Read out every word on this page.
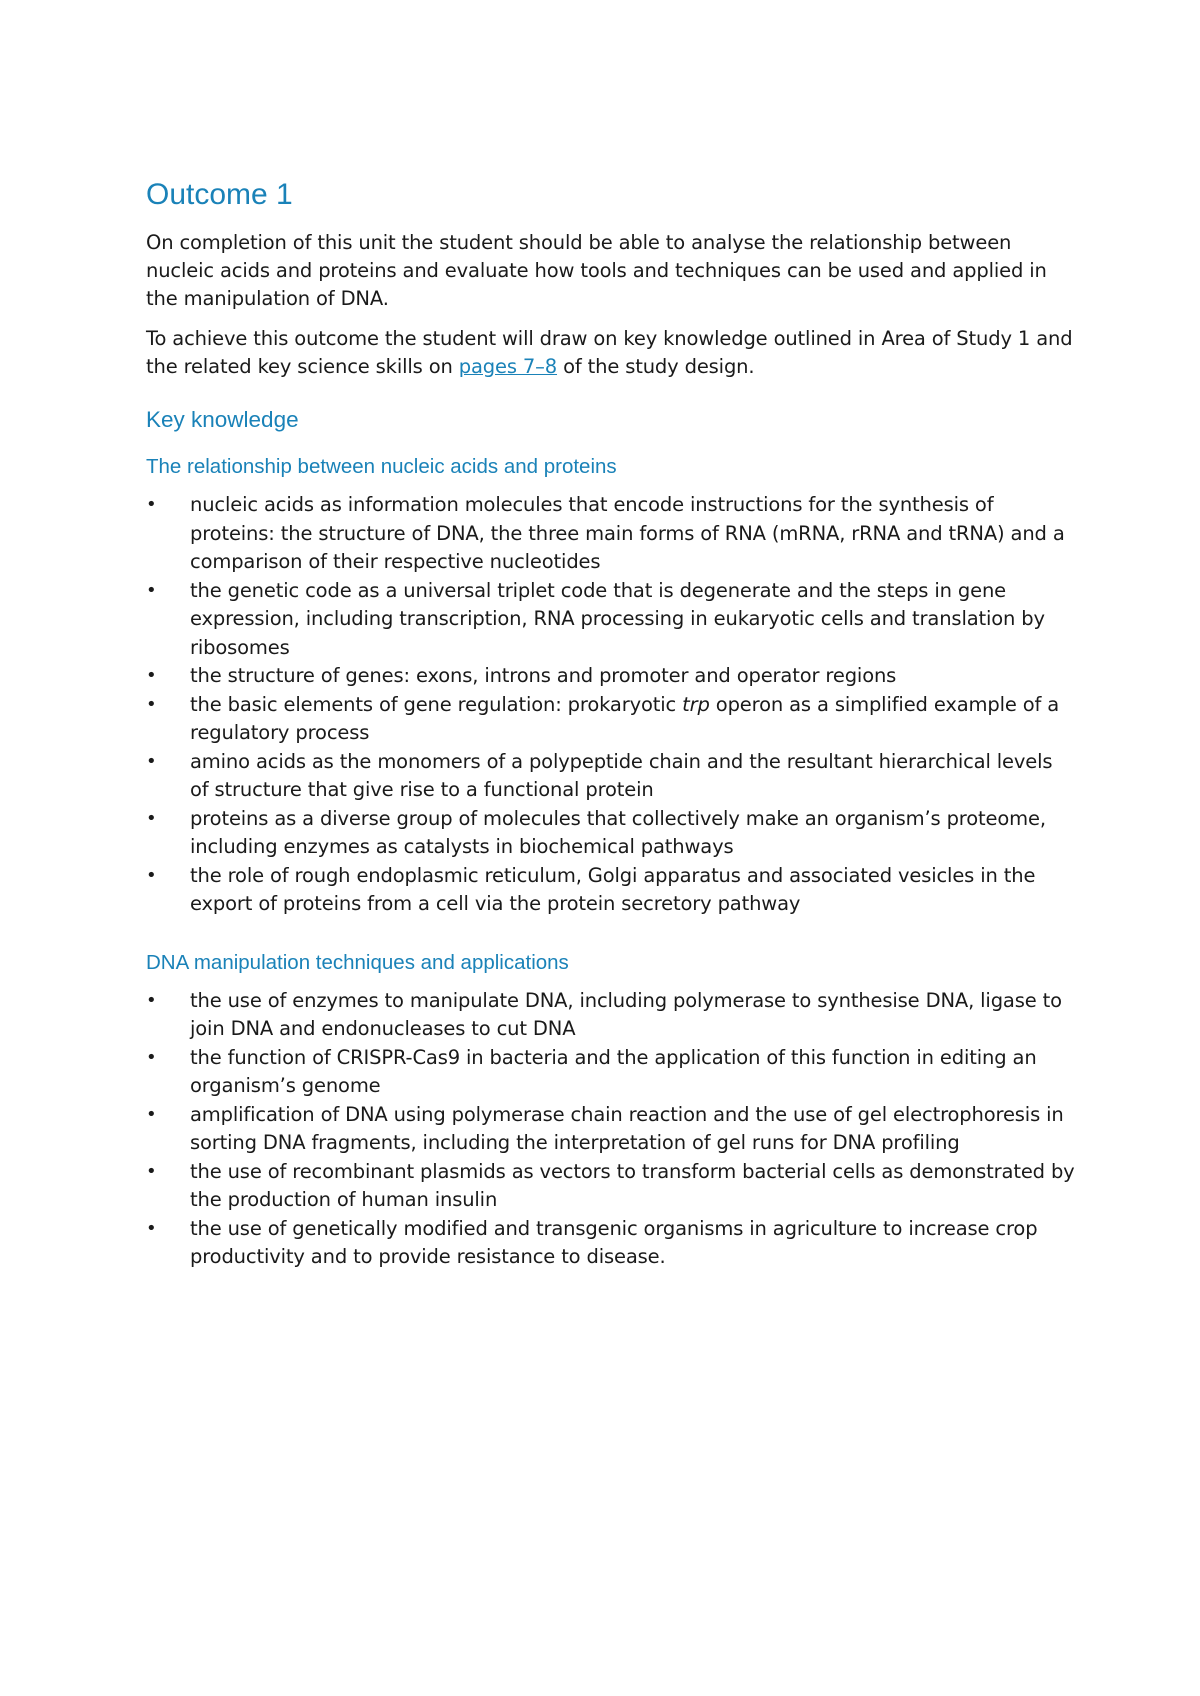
Outcome 1

On completion of this unit the student should be able to analyse the relationship between nucleic acids and proteins and evaluate how tools and techniques can be used and applied in the manipulation of DNA.

To achieve this outcome the student will draw on key knowledge outlined in Area of Study 1 and the related key science skills on pages 7–8 of the study design.

Key knowledge
The relationship between nucleic acids and proteins
• nucleic acids as information molecules that encode instructions for the synthesis of proteins: the structure of DNA, the three main forms of RNA (mRNA, rRNA and tRNA) and a comparison of their respective nucleotides
• the genetic code as a universal triplet code that is degenerate and the steps in gene expression, including transcription, RNA processing in eukaryotic cells and translation by ribosomes
• the structure of genes: exons, introns and promoter and operator regions
• the basic elements of gene regulation: prokaryotic trp operon as a simplified example of a regulatory process
• amino acids as the monomers of a polypeptide chain and the resultant hierarchical levels of structure that give rise to a functional protein
• proteins as a diverse group of molecules that collectively make an organism’s proteome, including enzymes as catalysts in biochemical pathways
• the role of rough endoplasmic reticulum, Golgi apparatus and associated vesicles in the export of proteins from a cell via the protein secretory pathway
DNA manipulation techniques and applications
• the use of enzymes to manipulate DNA, including polymerase to synthesise DNA, ligase to join DNA and endonucleases to cut DNA
• the function of CRISPR-Cas9 in bacteria and the application of this function in editing an organism’s genome
• amplification of DNA using polymerase chain reaction and the use of gel electrophoresis in sorting DNA fragments, including the interpretation of gel runs for DNA profiling
• the use of recombinant plasmids as vectors to transform bacterial cells as demonstrated by the production of human insulin
• the use of genetically modified and transgenic organisms in agriculture to increase crop productivity and to provide resistance to disease.
